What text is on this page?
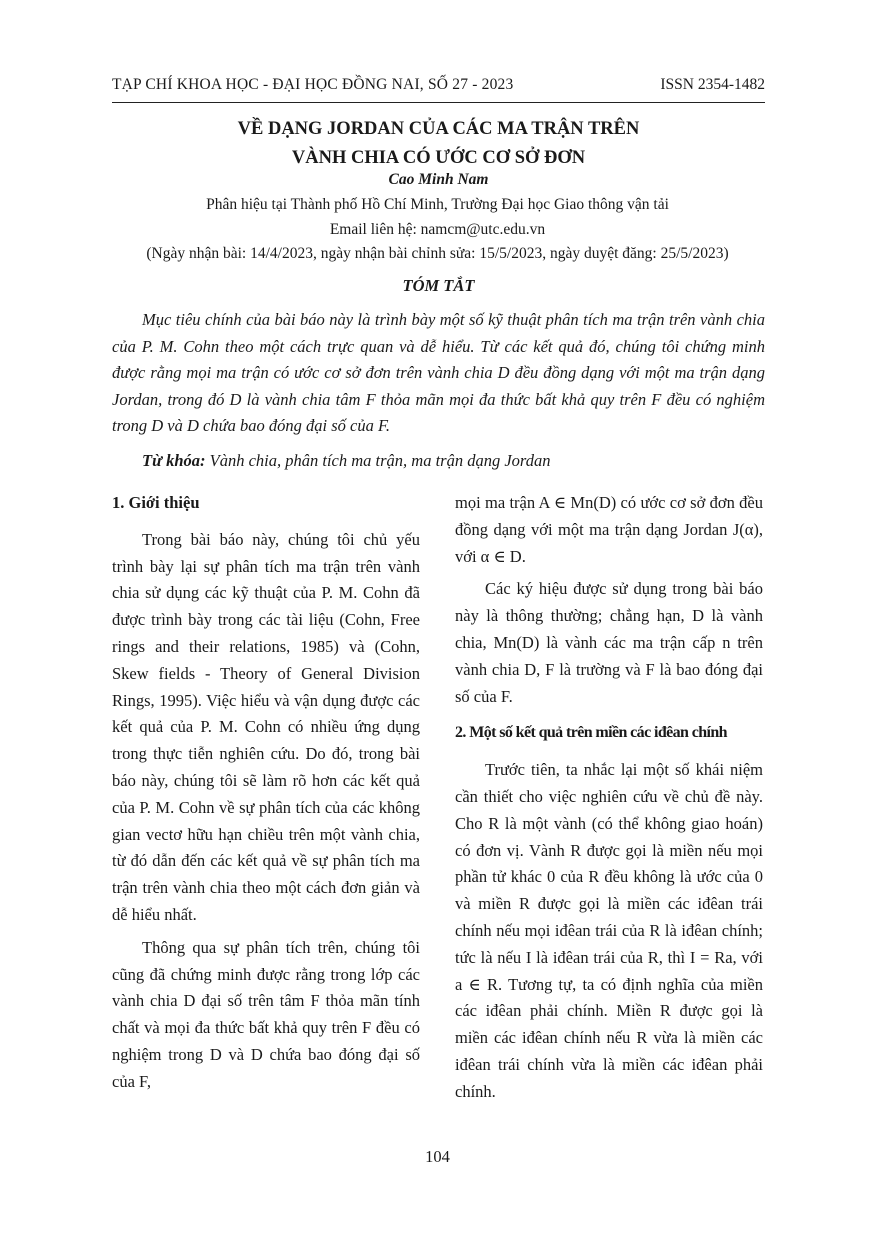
TẠP CHÍ KHOA HỌC - ĐẠI HỌC ĐỒNG NAI, SỐ 27 - 2023	ISSN 2354-1482
VỀ DẠNG JORDAN CỦA CÁC MA TRẬN TRÊN
VÀNH CHIA CÓ ƯỚC CƠ SỞ ĐƠN
Cao Minh Nam
Phân hiệu tại Thành phố Hồ Chí Minh, Trường Đại học Giao thông vận tải
Email liên hệ: namcm@utc.edu.vn
(Ngày nhận bài: 14/4/2023, ngày nhận bài chỉnh sửa: 15/5/2023, ngày duyệt đăng: 25/5/2023)
TÓM TẮT

Mục tiêu chính của bài báo này là trình bày một số kỹ thuật phân tích ma trận trên vành chia của P. M. Cohn theo một cách trực quan và dễ hiểu. Từ các kết quả đó, chúng tôi chứng minh được rằng mọi ma trận có ước cơ sở đơn trên vành chia D đều đồng dạng với một ma trận dạng Jordan, trong đó D là vành chia tâm F thỏa mãn mọi đa thức bất khả quy trên F đều có nghiệm trong D và D chứa bao đóng đại số của F.

Từ khóa: Vành chia, phân tích ma trận, ma trận dạng Jordan
1. Giới thiệu

Trong bài báo này, chúng tôi chủ yếu trình bày lại sự phân tích ma trận trên vành chia sử dụng các kỹ thuật của P. M. Cohn đã được trình bày trong các tài liệu (Cohn, Free rings and their relations, 1985) và (Cohn, Skew fields - Theory of General Division Rings, 1995). Việc hiểu và vận dụng được các kết quả của P. M. Cohn có nhiều ứng dụng trong thực tiễn nghiên cứu. Do đó, trong bài báo này, chúng tôi sẽ làm rõ hơn các kết quả của P. M. Cohn về sự phân tích của các không gian vectơ hữu hạn chiều trên một vành chia, từ đó dẫn đến các kết quả về sự phân tích ma trận trên vành chia theo một cách đơn giản và dễ hiểu nhất.

Thông qua sự phân tích trên, chúng tôi cũng đã chứng minh được rằng trong lớp các vành chia D đại số trên tâm F thỏa mãn tính chất và mọi đa thức bất khả quy trên F đều có nghiệm trong D và D chứa bao đóng đại số của F,

mọi ma trận A ∈ Mn(D) có ước cơ sở đơn đều đồng dạng với một ma trận dạng Jordan J(α), với α ∈ D.

Các ký hiệu được sử dụng trong bài báo này là thông thường; chẳng hạn, D là vành chia, Mn(D) là vành các ma trận cấp n trên vành chia D, F là trường và F là bao đóng đại số của F.

2. Một số kết quả trên miền các iđêan chính

Trước tiên, ta nhắc lại một số khái niệm cần thiết cho việc nghiên cứu về chủ đề này. Cho R là một vành (có thể không giao hoán) có đơn vị. Vành R được gọi là miền nếu mọi phần tử khác 0 của R đều không là ước của 0 và miền R được gọi là miền các iđêan trái chính nếu mọi iđêan trái của R là iđêan chính; tức là nếu I là iđêan trái của R, thì I = Ra, với a ∈ R. Tương tự, ta có định nghĩa của miền các iđêan phải chính. Miền R được gọi là miền các iđêan chính nếu R vừa là miền các iđêan trái chính vừa là miền các iđêan phải chính.

104
